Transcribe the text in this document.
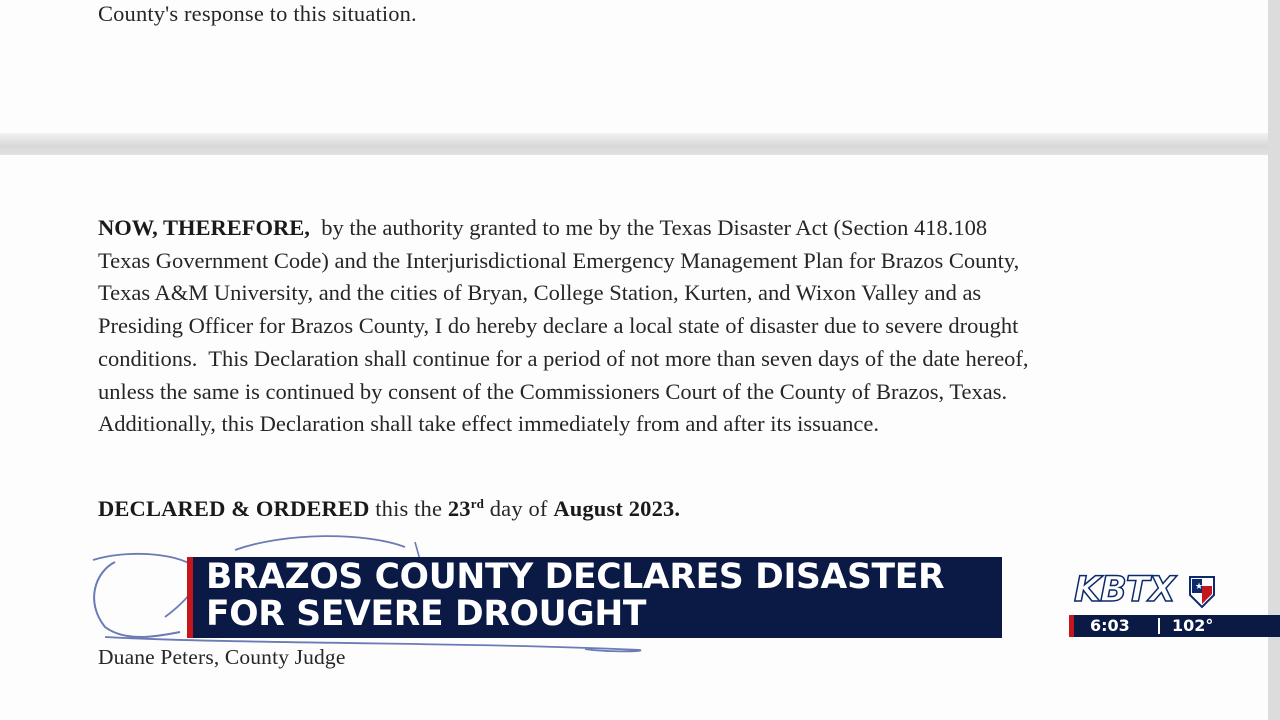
County's response to this situation.
NOW, THEREFORE, by the authority granted to me by the Texas Disaster Act (Section 418.108
Texas Government Code) and the Interjurisdictional Emergency Management Plan for Brazos County,
Texas A&M University, and the cities of Bryan, College Station, Kurten, and Wixon Valley and as
Presiding Officer for Brazos County, I do hereby declare a local state of disaster due to severe drought
conditions.  This Declaration shall continue for a period of not more than seven days of the date hereof,
unless the same is continued by consent of the Commissioners Court of the County of Brazos, Texas.
Additionally, this Declaration shall take effect immediately from and after its issuance.
DECLARED & ORDERED this the 23rd day of August 2023.
Duane Peters, County Judge
BRAZOS COUNTY DECLARES DISASTER
FOR SEVERE DROUGHT
KBTX ★
6:03	102°
